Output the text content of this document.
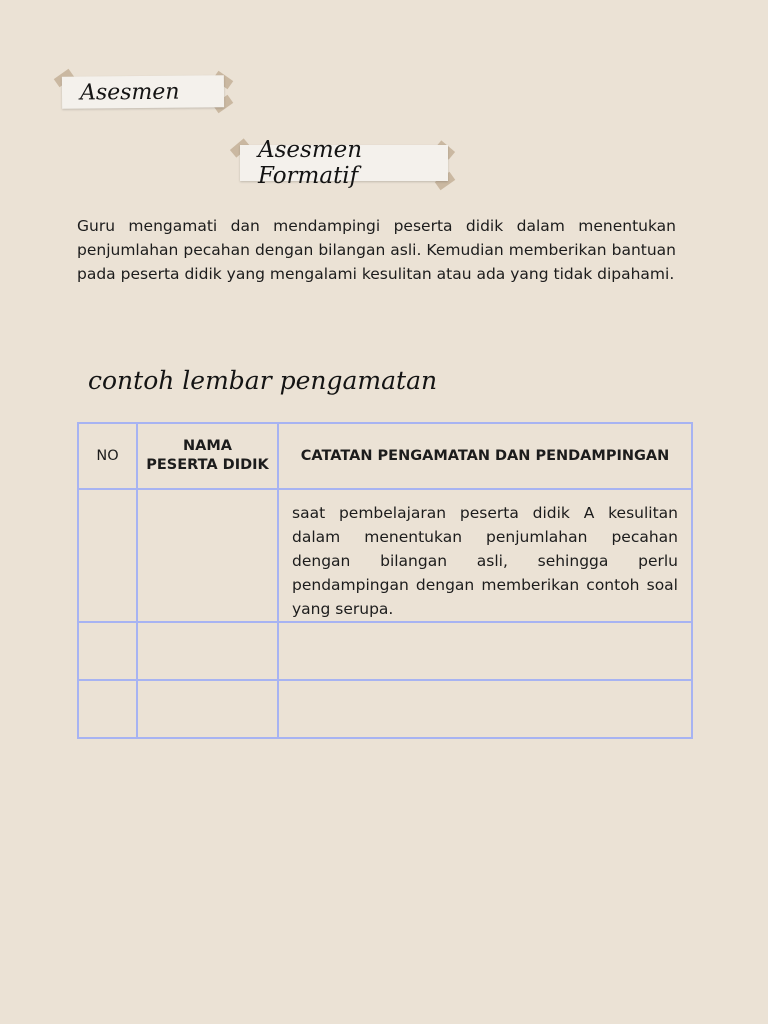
Asesmen
Asesmen Formatif

Guru mengamati dan mendampingi peserta didik dalam menentukan penjumlahan pecahan dengan bilangan asli. Kemudian memberikan bantuan pada peserta didik yang mengalami kesulitan atau ada yang tidak dipahami.

contoh lembar pengamatan

NO	NAMA PESERTA DIDIK	CATATAN PENGAMATAN DAN PENDAMPINGAN
		saat pembelajaran peserta didik A kesulitan dalam menentukan penjumlahan pecahan dengan bilangan asli, sehingga perlu pendampingan dengan memberikan contoh soal yang serupa.
